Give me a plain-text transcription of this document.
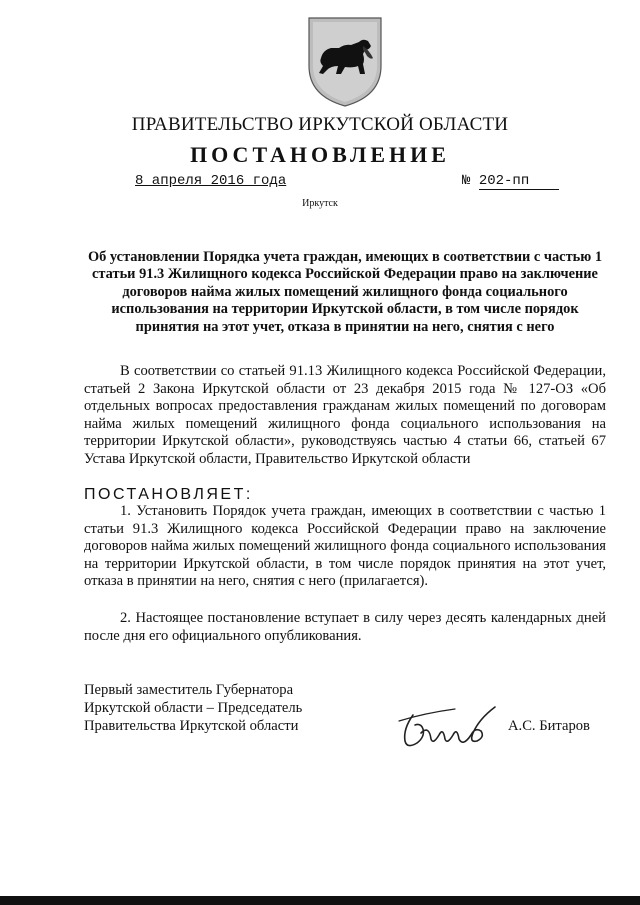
ПРАВИТЕЛЬСТВО ИРКУТСКОЙ ОБЛАСТИ
ПОСТАНОВЛЕНИЕ
8 апреля 2016 года	№ 202-пп
Иркутск
Об установлении Порядка учета граждан, имеющих в соответствии с частью 1 статьи 91.3 Жилищного кодекса Российской Федерации право на заключение договоров найма жилых помещений жилищного фонда социального использования на территории Иркутской области, в том числе порядок принятия на этот учет, отказа в принятии на него, снятия с него
В соответствии со статьей 91.13 Жилищного кодекса Российской Федерации, статьей 2 Закона Иркутской области от 23 декабря 2015 года № 127-ОЗ «Об отдельных вопросах предоставления гражданам жилых помещений по договорам найма жилых помещений жилищного фонда социального использования на территории Иркутской области», руководствуясь частью 4 статьи 66, статьей 67 Устава Иркутской области, Правительство Иркутской области
ПОСТАНОВЛЯЕТ:
1. Установить Порядок учета граждан, имеющих в соответствии с частью 1 статьи 91.3 Жилищного кодекса Российской Федерации право на заключение договоров найма жилых помещений жилищного фонда социального использования на территории Иркутской области, в том числе порядок принятия на этот учет, отказа в принятии на него, снятия с него (прилагается).
2. Настоящее постановление вступает в силу через десять календарных дней после дня его официального опубликования.
Первый заместитель Губернатора
Иркутской области – Председатель
Правительства Иркутской области	А.С. Битаров
